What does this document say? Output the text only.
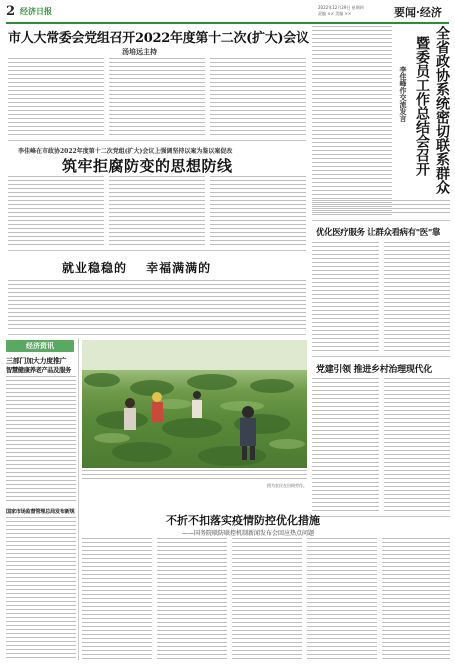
2 经济日报	2022年12月29日 星期四
责编 ×× 美编 ××	要闻·经济
市人大常委会党组召开2022年度第十二次(扩大)会议
汤培远主持
李佳峰在市政协2022年度第十二次党组(扩大)会议上强调坚持以案为鉴以案促改
筑牢拒腐防变的思想防线	全省政协系统密切联系群众
暨委员工作总结会召开
李佳峰作交流发言
就业稳稳的 幸福满满的
优化医疗服务 让群众看病有"医"靠
经济资讯
三部门加大力度推广
智慧健康养老产品及服务
国家市场监督管理总局发布新规
图为农民在田间劳作。
党建引领 推进乡村治理现代化
不折不扣落实疫情防控优化措施
——国务院联防联控机制新闻发布会回应热点问题
